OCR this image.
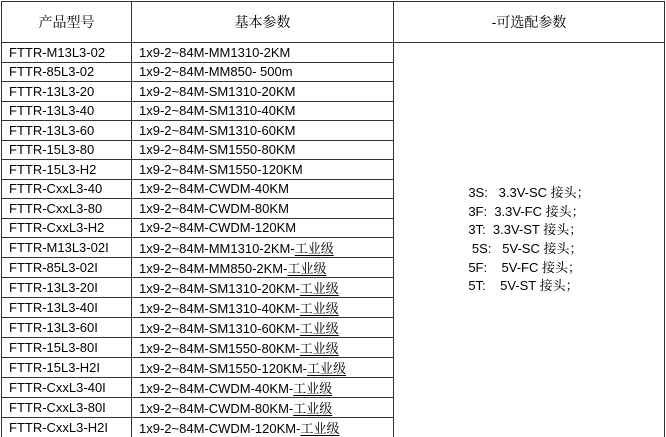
产品型号	基本参数	-可选配参数
FTTR-M13L3-02	1x9-2~84M-MM1310-2KM	
3S:   3.3V-SC 接头；
3F:  3.3V-FC 接头；
3T:  3.3V-ST 接头；
5S:   5V-SC 接头；
5F:    5V-FC 接头；
5T:    5V-ST 接头；

FTTR-85L3-02	1x9-2~84M-MM850- 500m	
FTTR-13L3-20	1x9-2~84M-SM1310-20KM	
FTTR-13L3-40	1x9-2~84M-SM1310-40KM	
FTTR-13L3-60	1x9-2~84M-SM1310-60KM	
FTTR-15L3-80	1x9-2~84M-SM1550-80KM	
FTTR-15L3-H2	1x9-2~84M-SM1550-120KM	
FTTR-CxxL3-40	1x9-2~84M-CWDM-40KM	
FTTR-CxxL3-80	1x9-2~84M-CWDM-80KM	
FTTR-CxxL3-H2	1x9-2~84M-CWDM-120KM	
FTTR-M13L3-02I	1x9-2~84M-MM1310-2KM-工业级	
FTTR-85L3-02I	1x9-2~84M-MM850-2KM-工业级	
FTTR-13L3-20I	1x9-2~84M-SM1310-20KM-工业级	
FTTR-13L3-40I	1x9-2~84M-SM1310-40KM-工业级	
FTTR-13L3-60I	1x9-2~84M-SM1310-60KM-工业级	
FTTR-15L3-80I	1x9-2~84M-SM1550-80KM-工业级	
FTTR-15L3-H2I	1x9-2~84M-SM1550-120KM-工业级	
FTTR-CxxL3-40I	1x9-2~84M-CWDM-40KM-工业级	
FTTR-CxxL3-80I	1x9-2~84M-CWDM-80KM-工业级	
FTTR-CxxL3-H2I	1x9-2~84M-CWDM-120KM-工业级	
